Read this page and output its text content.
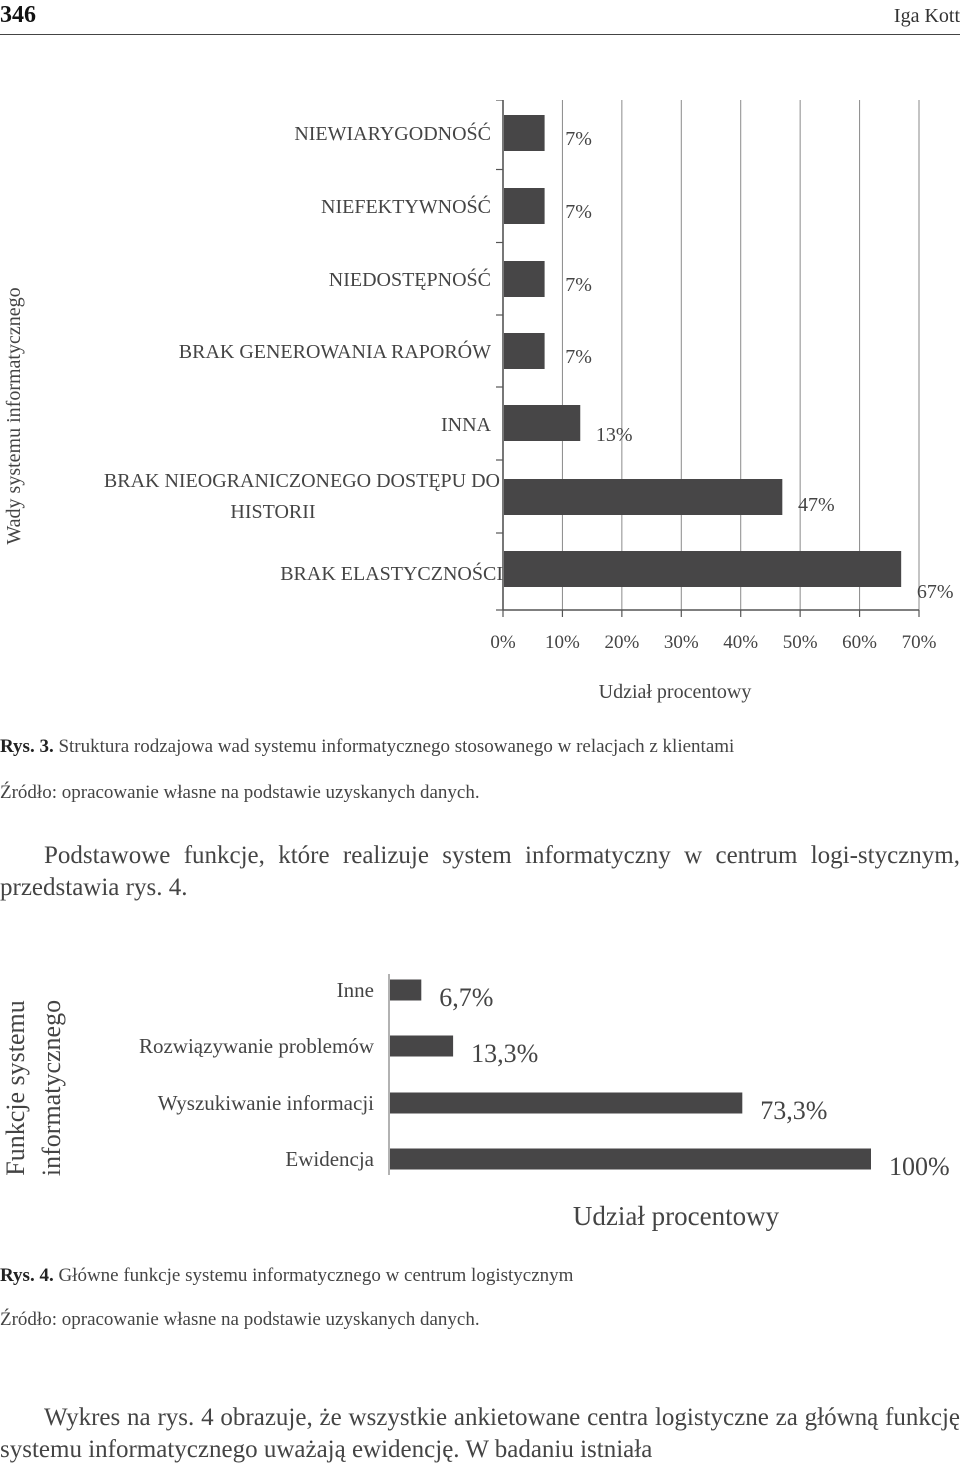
346	Iga Kott
0% 10% 20% 30% 40% 50% 60% 70%
7%
7%
7%
7%
13%
47%
67%
NIEWIARYGODNOŚĆ
NIEFEKTYWNOŚĆ
NIEDOSTĘPNOŚĆ
BRAK GENEROWANIA RAPORÓW
INNA
BRAK NIEOGRANICZONEGO DOSTĘPU DO HISTORII
BRAK ELASTYCZNOŚCI
Udział procentowy
Wady systemu informatycznego
Rys. 3. Struktura rodzajowa wad systemu informatycznego stosowanego w relacjach z klientami
Źródło: opracowanie własne na podstawie uzyskanych danych.

Podstawowe funkcje, które realizuje system informatyczny w centrum logi-stycznym, przedstawia rys. 4.

6,7%
Inne
13,3%
Rozwiązywanie problemów
73,3%
Wyszukiwanie informacji
100%
Ewidencja
Udział procentowy
Funkcje systemu informatycznego
Rys. 4. Główne funkcje systemu informatycznego w centrum logistycznym
Źródło: opracowanie własne na podstawie uzyskanych danych.

Wykres na rys. 4 obrazuje, że wszystkie ankietowane centra logistyczne za główną funkcję systemu informatycznego uważają ewidencję. W badaniu istniała
